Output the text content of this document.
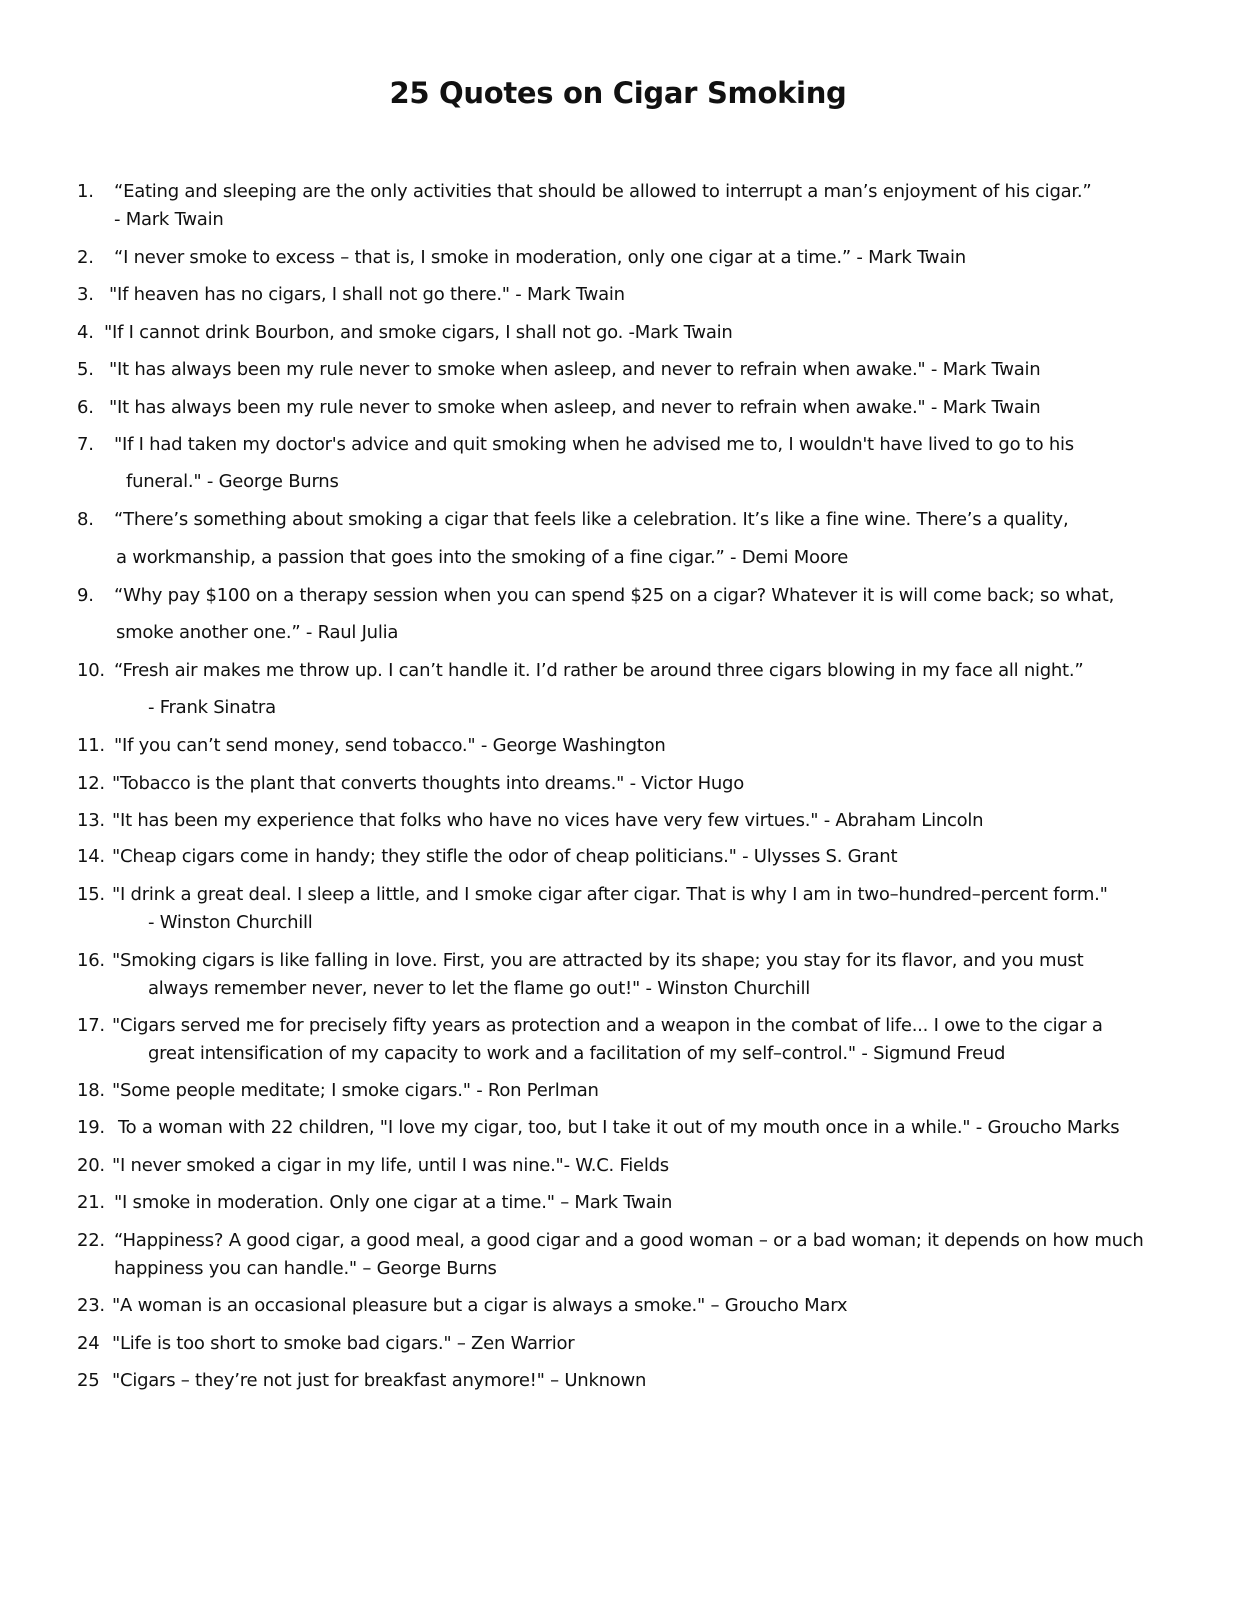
25 Quotes on Cigar Smoking
1. “Eating and sleeping are the only activities that should be allowed to interrupt a man’s enjoyment of his cigar.”
- Mark Twain
2. “I never smoke to excess – that is, I smoke in moderation, only one cigar at a time.” - Mark Twain
3. "If heaven has no cigars, I shall not go there." - Mark Twain
4. "If I cannot drink Bourbon, and smoke cigars, I shall not go. -Mark Twain
5. "It has always been my rule never to smoke when asleep, and never to refrain when awake." - Mark Twain
6. "It has always been my rule never to smoke when asleep, and never to refrain when awake." - Mark Twain
7. "If I had taken my doctor's advice and quit smoking when he advised me to, I wouldn't have lived to go to his
funeral." - George Burns
8. “There’s something about smoking a cigar that feels like a celebration. It’s like a fine wine. There’s a quality,
a workmanship, a passion that goes into the smoking of a fine cigar.” - Demi Moore
9. “Why pay $100 on a therapy session when you can spend $25 on a cigar? Whatever it is will come back; so what,
smoke another one.” - Raul Julia
10. “Fresh air makes me throw up. I can’t handle it. I’d rather be around three cigars blowing in my face all night.”
- Frank Sinatra
11. "If you can’t send money, send tobacco." - George Washington
12. "Tobacco is the plant that converts thoughts into dreams." - Victor Hugo
13. "It has been my experience that folks who have no vices have very few virtues." - Abraham Lincoln
14. "Cheap cigars come in handy; they stifle the odor of cheap politicians." - Ulysses S. Grant
15. "I drink a great deal. I sleep a little, and I smoke cigar after cigar. That is why I am in two–hundred–percent form."
- Winston Churchill
16. "Smoking cigars is like falling in love. First, you are attracted by its shape; you stay for its flavor, and you must
always remember never, never to let the flame go out!" - Winston Churchill
17. "Cigars served me for precisely fifty years as protection and a weapon in the combat of life... I owe to the cigar a
great intensification of my capacity to work and a facilitation of my self–control." - Sigmund Freud
18. "Some people meditate; I smoke cigars." - Ron Perlman
19. To a woman with 22 children, "I love my cigar, too, but I take it out of my mouth once in a while." - Groucho Marks
20. "I never smoked a cigar in my life, until I was nine."- W.C. Fields
21. "I smoke in moderation. Only one cigar at a time." – Mark Twain
22. “Happiness? A good cigar, a good meal, a good cigar and a good woman – or a bad woman; it depends on how much
happiness you can handle." – George Burns
23. "A woman is an occasional pleasure but a cigar is always a smoke." – Groucho Marx
24 "Life is too short to smoke bad cigars." – Zen Warrior
25 "Cigars – they’re not just for breakfast anymore!" – Unknown
